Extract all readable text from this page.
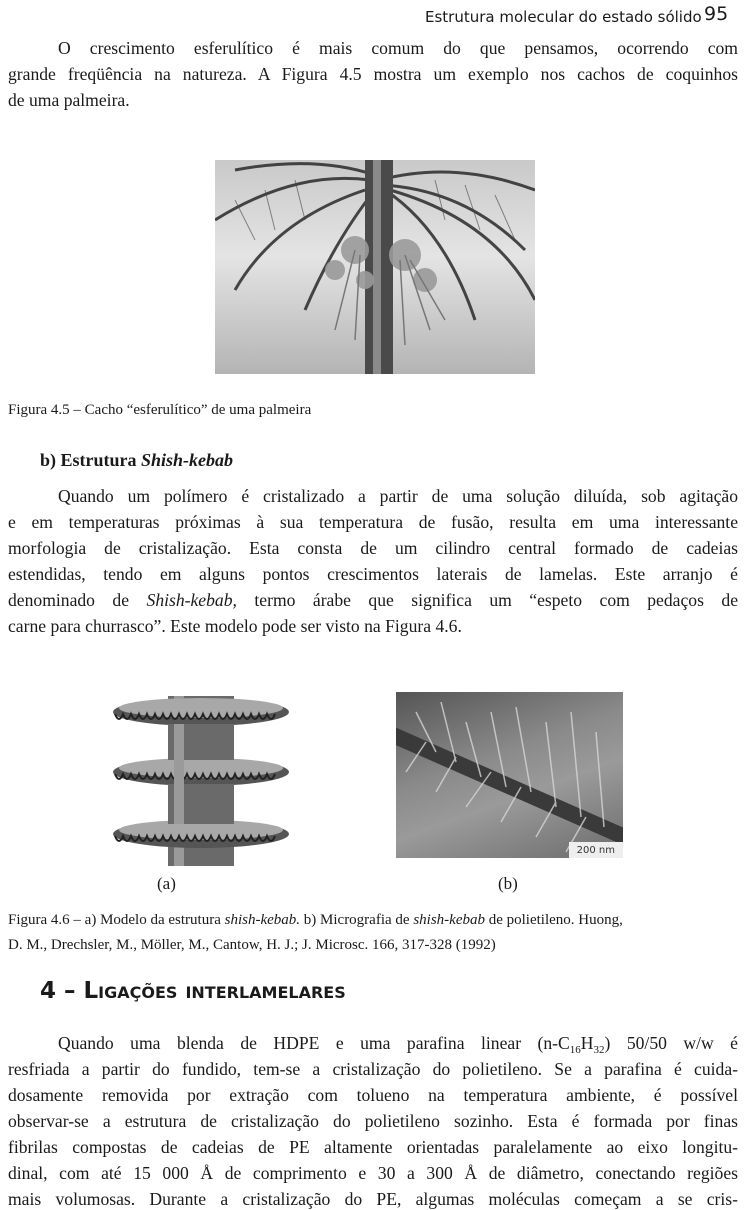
Estrutura molecular do estado sólido 95
O crescimento esferulítico é mais comum do que pensamos, ocorrendo com
grande freqüência na natureza. A Figura 4.5 mostra um exemplo nos cachos de coquinhos
de uma palmeira.
Figura 4.5 – Cacho “esferulítico” de uma palmeira
b) Estrutura Shish-kebab
Quando um polímero é cristalizado a partir de uma solução diluída, sob agitação
e em temperaturas próximas à sua temperatura de fusão, resulta em uma interessante
morfologia de cristalização. Esta consta de um cilindro central formado de cadeias
estendidas, tendo em alguns pontos crescimentos laterais de lamelas. Este arranjo é
denominado de Shish-kebab, termo árabe que significa um “espeto com pedaços de
carne para churrasco”. Este modelo pode ser visto na Figura 4.6.
200 nm
(a)	(b)
Figura 4.6 – a) Modelo da estrutura shish-kebab. b) Micrografia de shish-kebab de polietileno. Huong,
D. M., Drechsler, M., Möller, M., Cantow, H. J.; J. Microsc. 166, 317-328 (1992)
4 – Ligações interlamelares
Quando uma blenda de HDPE e uma parafina linear $(n-C_{16}H_{32})$ 50/50 w/w é
resfriada a partir do fundido, tem-se a cristalização do polietileno. Se a parafina é cuida-
dosamente removida por extração com tolueno na temperatura ambiente, é possível
observar-se a estrutura de cristalização do polietileno sozinho. Esta é formada por finas
fibrilas compostas de cadeias de PE altamente orientadas paralelamente ao eixo longitu-
dinal, com até 15 000 Å de comprimento e 30 a 300 Å de diâmetro, conectando regiões
mais volumosas. Durante a cristalização do PE, algumas moléculas começam a se cris-
